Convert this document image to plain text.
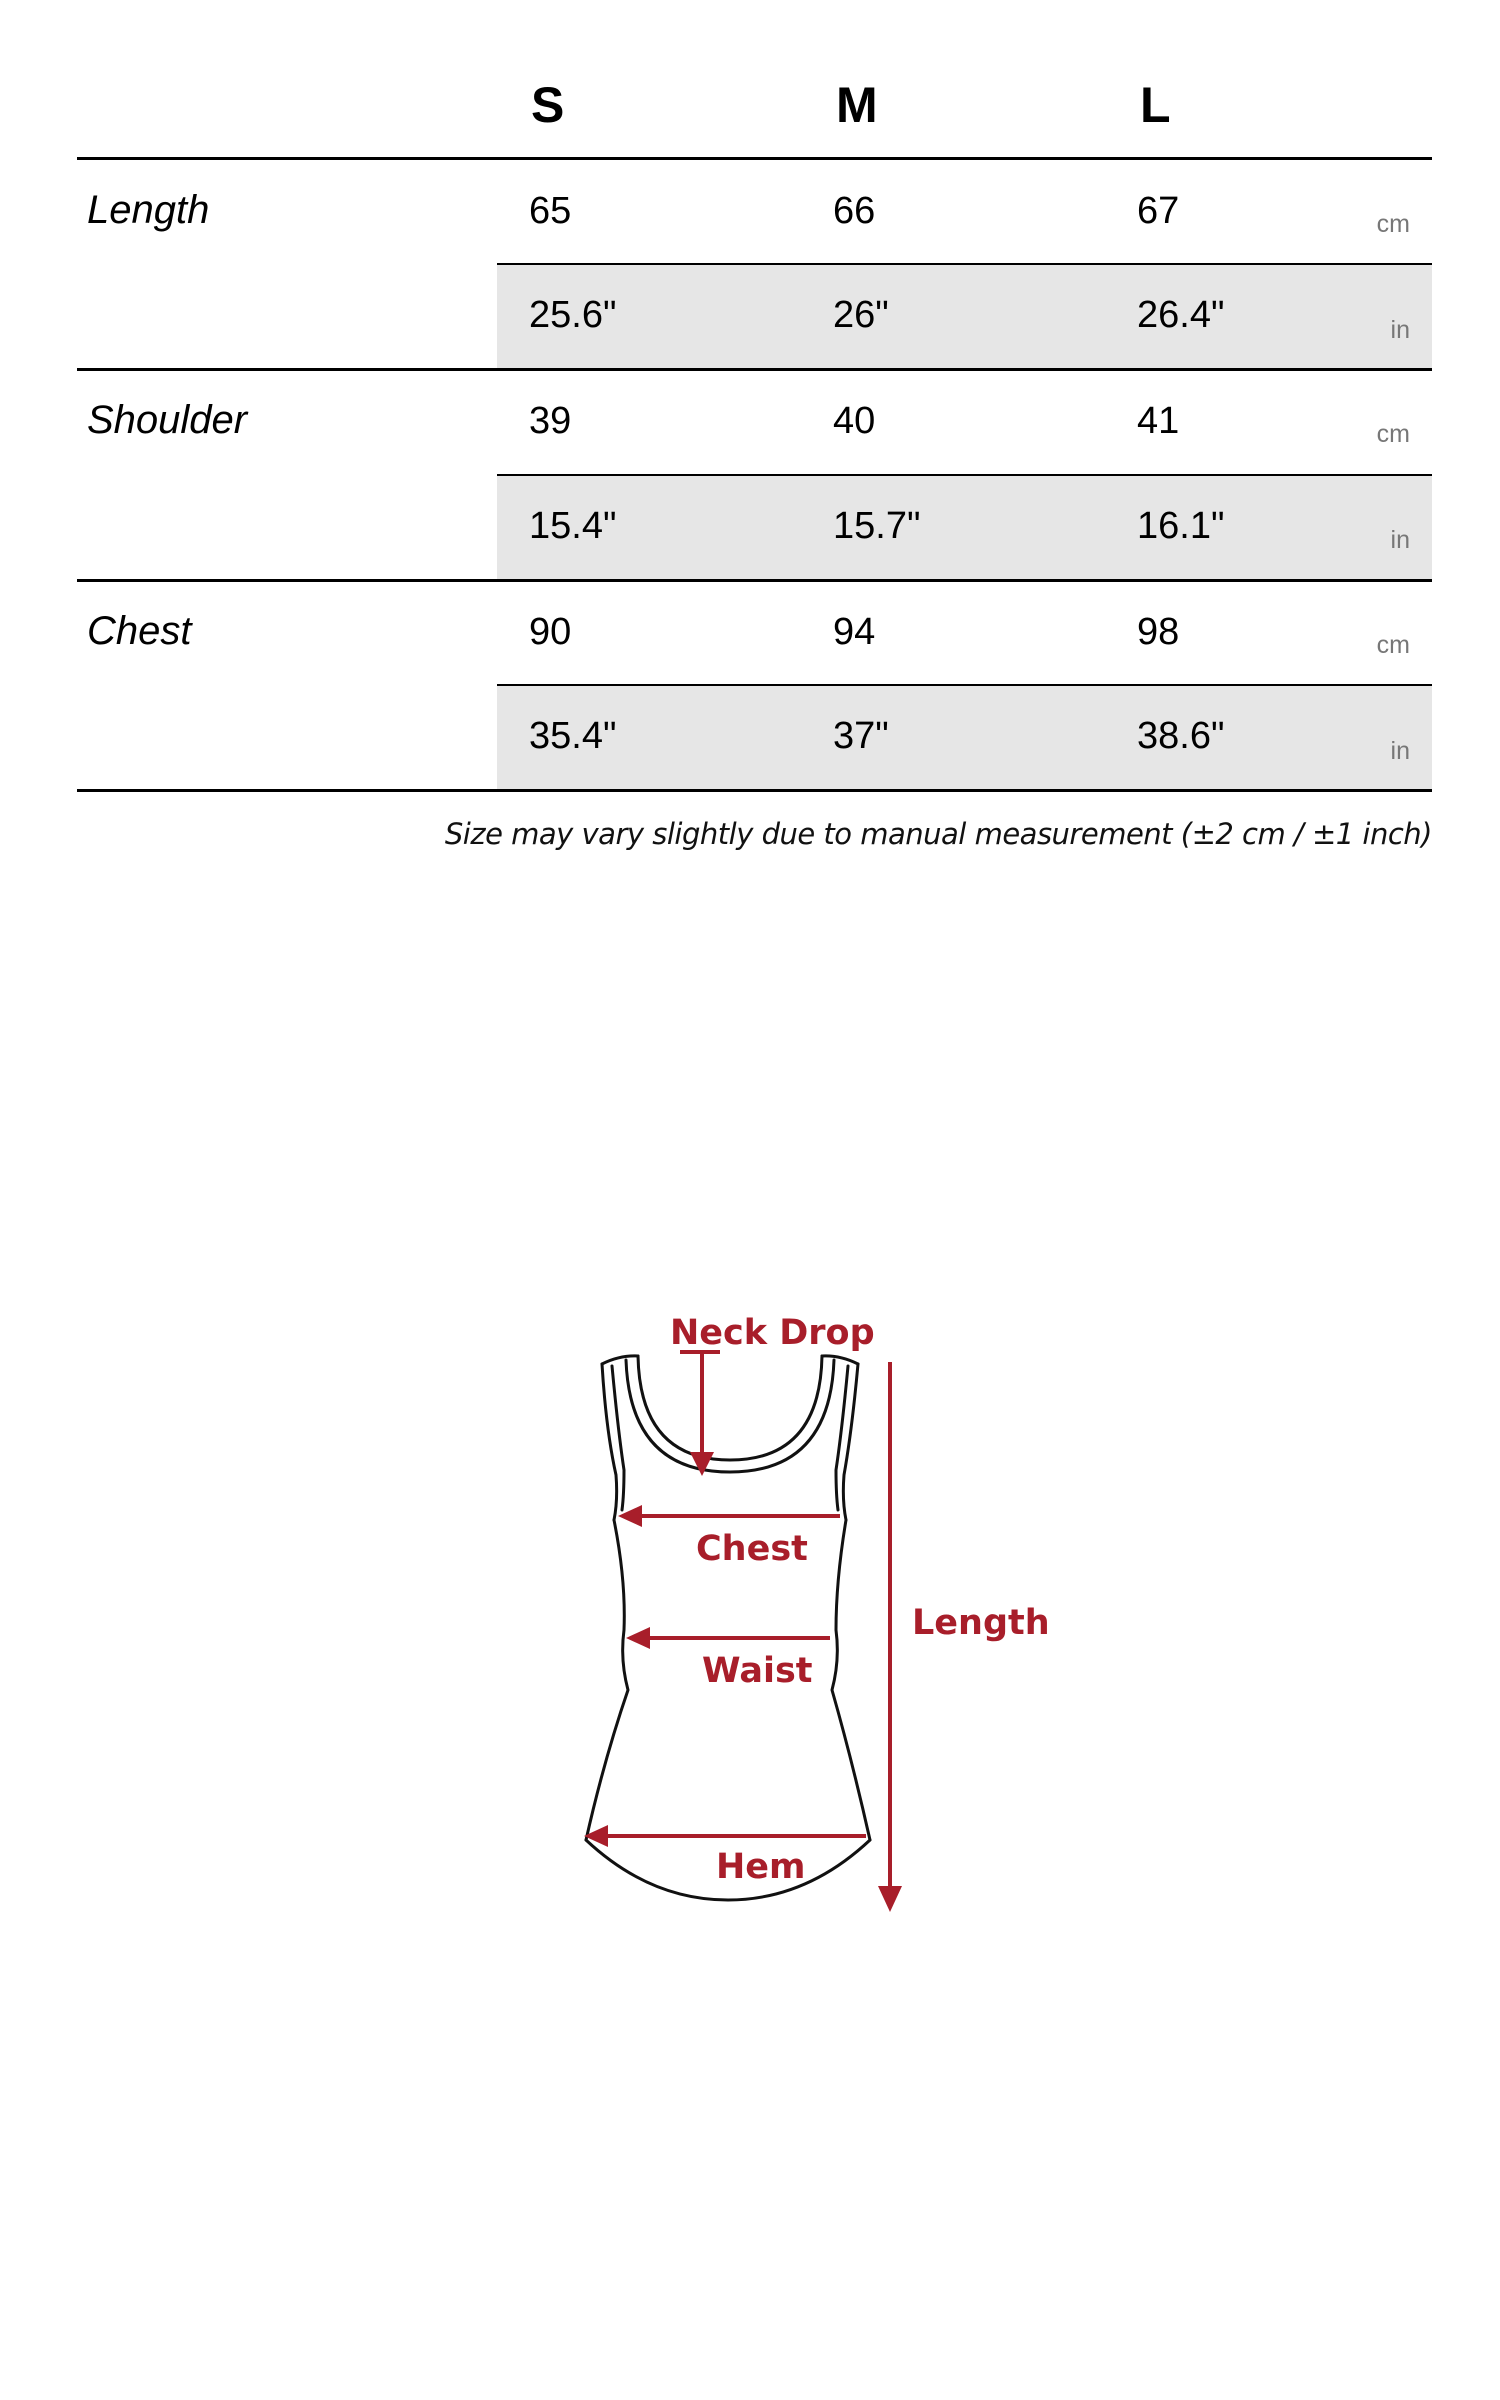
S	M	L
Length	65	66	67	cm
25.6"	26"	26.4"	in
Shoulder	39	40	41	cm
15.4"	15.7"	16.1"	in
Chest	90	94	98	cm
35.4"	37"	38.6"	in
Size may vary slightly due to manual measurement (±2 cm / ±1 inch)
Neck Drop
Chest
Waist
Hem
Length
